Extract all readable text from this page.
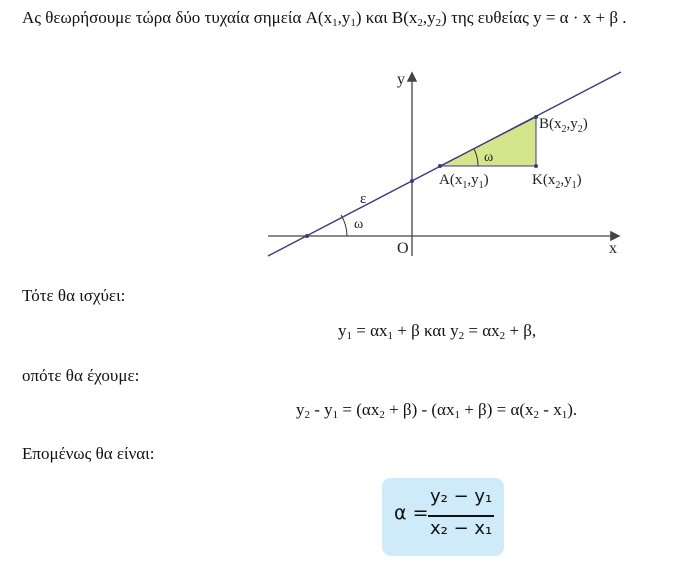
Ας θεωρήσουμε τώρα δύο τυχαία σημεία $A(x_1,y_1)$ και $B(x_2,y_2)$ της ευθείας y = α · x + β .
y
x
O
ε
ω
ω
$A(x_1,y_1)$
$B(x_2,y_2)$
$K(x_2,y_1)$
Τότε θα ισχύει:
$y_1 = \alpha x_1 + \beta$ και $y_2 = \alpha x_2 + \beta$,
οπότε θα έχουμε:
$y_2 - y_1 = (\alpha x_2 + \beta) - (\alpha x_1 + \beta) = \alpha(x_2 - x_1)$.
Επομένως θα είναι:
α =
y₂ − y₁
x₂ − x₁
